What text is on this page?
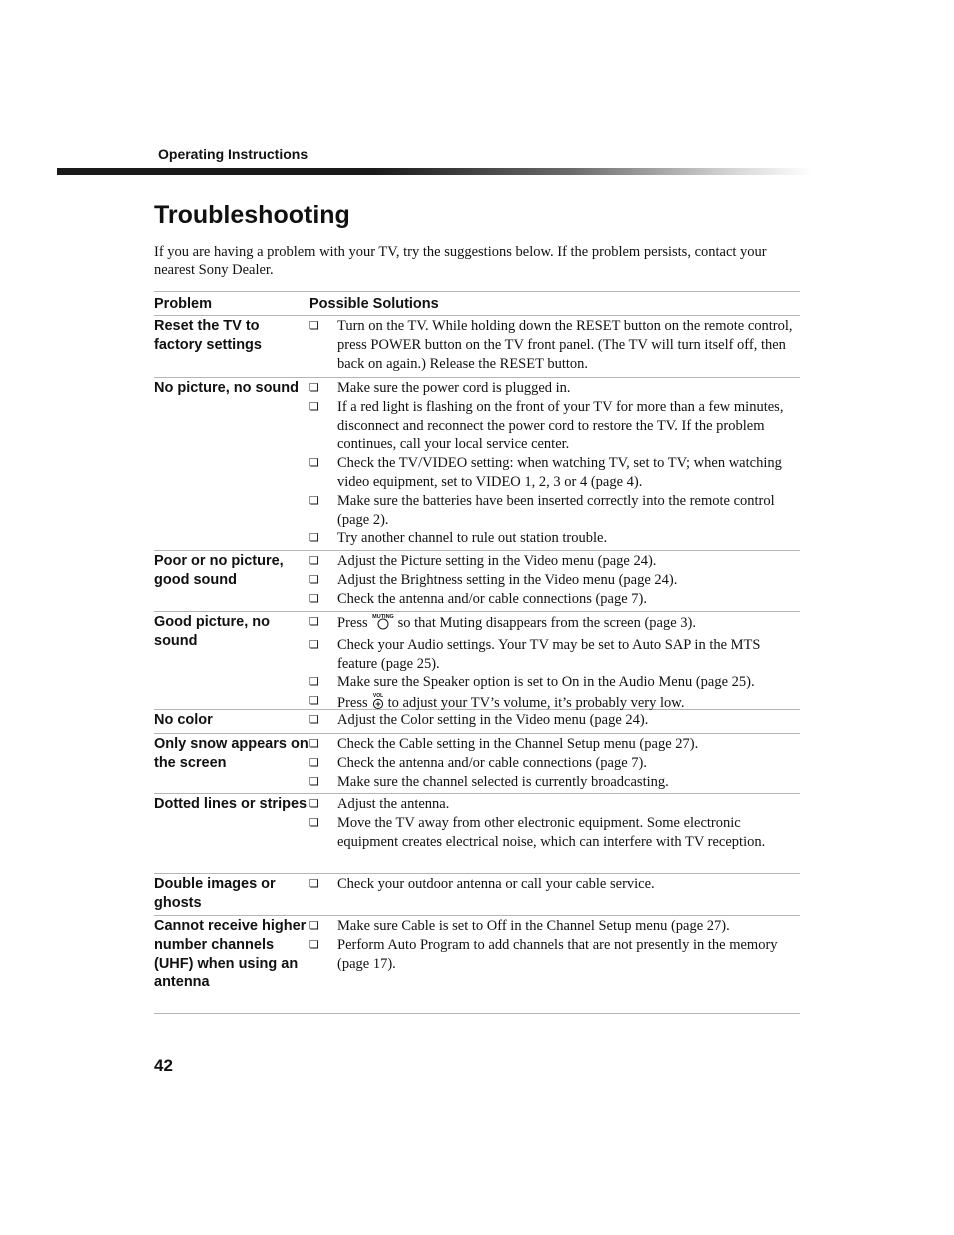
Operating Instructions
Troubleshooting

If you are having a problem with your TV, try the suggestions below. If the problem persists, contact your nearest Sony Dealer.

Problem	Possible Solutions
Reset the TV to factory settings
❏	Turn on the TV. While holding down the RESET button on the remote control, press POWER button on the TV front panel. (The TV will turn itself off, then back on again.) Release the RESET button.
No picture, no sound ❏	Make sure the power cord is plugged in.
❏	If a red light is flashing on the front of your TV for more than a few minutes, disconnect and reconnect the power cord to restore the TV. If the problem continues, call your local service center.
❏	Check the TV/VIDEO setting: when watching TV, set to TV; when watching video equipment, set to VIDEO 1, 2, 3 or 4 (page 4).
❏	Make sure the batteries have been inserted correctly into the remote control (page 2).
❏	Try another channel to rule out station trouble.
Poor or no picture, good sound
❏	Adjust the Picture setting in the Video menu (page 24).
❏	Adjust the Brightness setting in the Video menu (page 24).
❏	Check the antenna and/or cable connections (page 7).
Good picture, no sound
❏	Press MUTING so that Muting disappears from the screen (page 3).
❏	Check your Audio settings. Your TV may be set to Auto SAP in the MTS feature (page 25).
❏	Make sure the Speaker option is set to On in the Audio Menu (page 25).
❏	Press VOL to adjust your TV’s volume, it’s probably very low.
No color	❏	Adjust the Color setting in the Video menu (page 24).
Only snow appears on the screen
❏	Check the Cable setting in the Channel Setup menu (page 27).
❏	Check the antenna and/or cable connections (page 7).
❏	Make sure the channel selected is currently broadcasting.
Dotted lines or stripes ❏	Adjust the antenna.
❏	Move the TV away from other electronic equipment. Some electronic equipment creates electrical noise, which can interfere with TV reception.
Double images or ghosts
❏	Check your outdoor antenna or call your cable service.
Cannot receive higher number channels (UHF) when using an antenna
❏	Make sure Cable is set to Off in the Channel Setup menu (page 27).
❏	Perform Auto Program to add channels that are not presently in the memory (page 17).
42
